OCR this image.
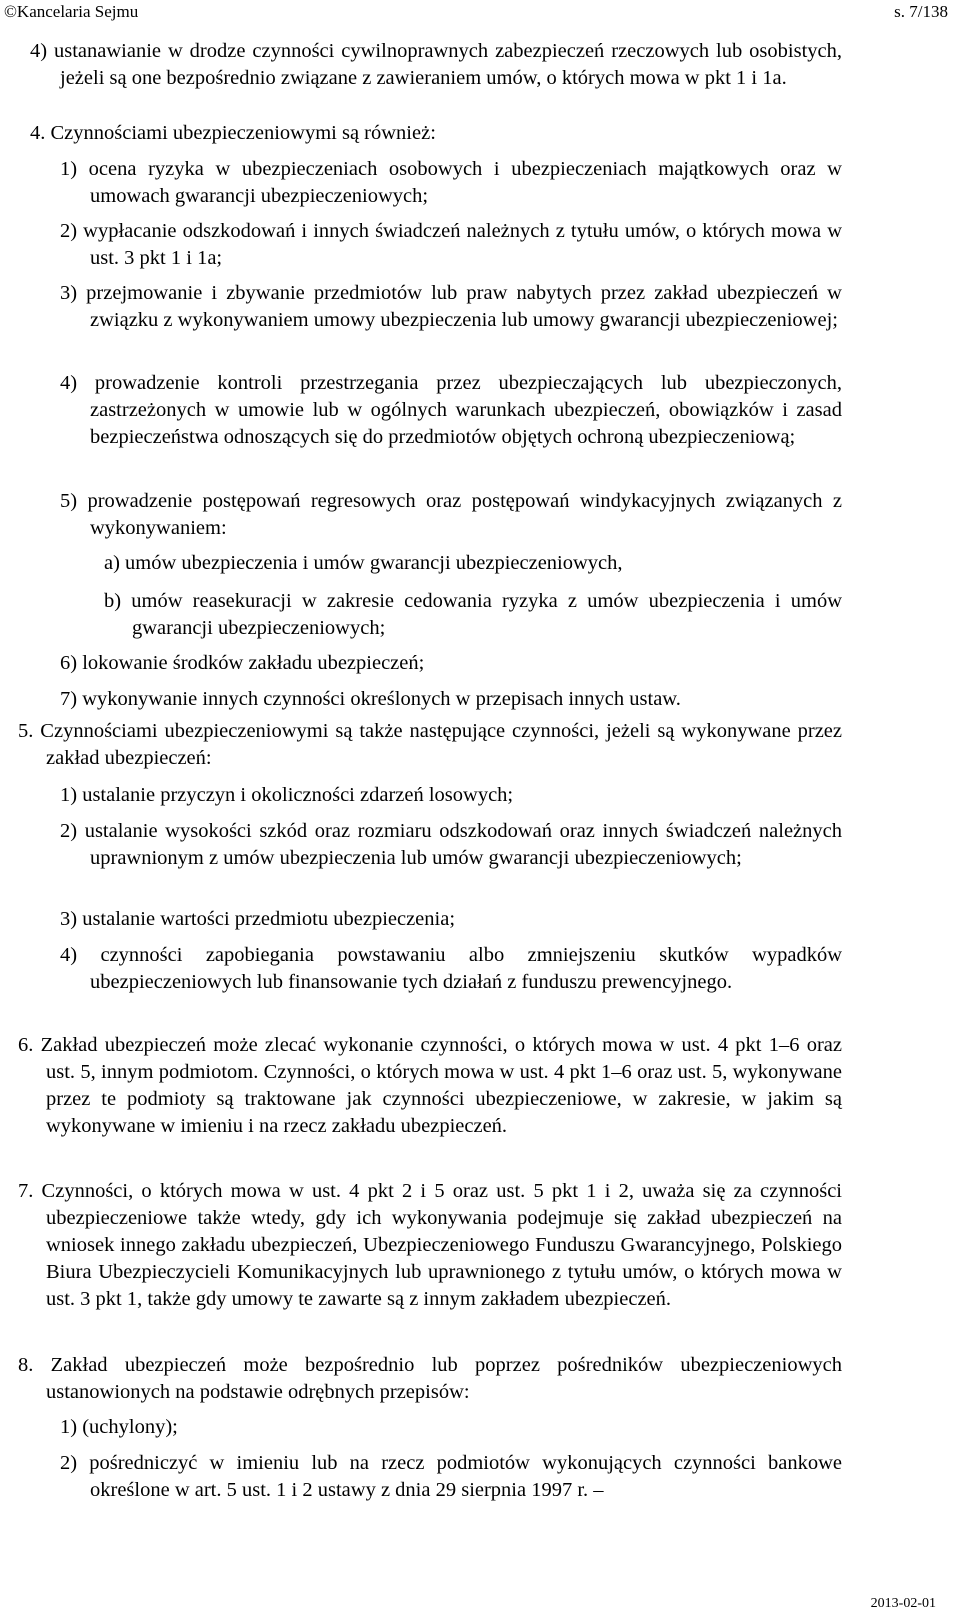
©Kancelaria Sejmu	s. 7/138
4) ustanawianie w drodze czynności cywilnoprawnych zabezpieczeń rzeczowych lub osobistych, jeżeli są one bezpośrednio związane z zawieraniem umów, o których mowa w pkt 1 i 1a.
4. Czynnościami ubezpieczeniowymi są również:
1) ocena ryzyka w ubezpieczeniach osobowych i ubezpieczeniach majątkowych oraz w umowach gwarancji ubezpieczeniowych;
2) wypłacanie odszkodowań i innych świadczeń należnych z tytułu umów, o których mowa w ust. 3 pkt 1 i 1a;
3) przejmowanie i zbywanie przedmiotów lub praw nabytych przez zakład ubezpieczeń w związku z wykonywaniem umowy ubezpieczenia lub umowy gwarancji ubezpieczeniowej;
4) prowadzenie kontroli przestrzegania przez ubezpieczających lub ubezpieczonych, zastrzeżonych w umowie lub w ogólnych warunkach ubezpieczeń, obowiązków i zasad bezpieczeństwa odnoszących się do przedmiotów objętych ochroną ubezpieczeniową;
5) prowadzenie postępowań regresowych oraz postępowań windykacyjnych związanych z wykonywaniem:
a) umów ubezpieczenia i umów gwarancji ubezpieczeniowych,
b) umów reasekuracji w zakresie cedowania ryzyka z umów ubezpieczenia i umów gwarancji ubezpieczeniowych;
6) lokowanie środków zakładu ubezpieczeń;
7) wykonywanie innych czynności określonych w przepisach innych ustaw.
5. Czynnościami ubezpieczeniowymi są także następujące czynności, jeżeli są wykonywane przez zakład ubezpieczeń:
1) ustalanie przyczyn i okoliczności zdarzeń losowych;
2) ustalanie wysokości szkód oraz rozmiaru odszkodowań oraz innych świadczeń należnych uprawnionym z umów ubezpieczenia lub umów gwarancji ubezpieczeniowych;
3) ustalanie wartości przedmiotu ubezpieczenia;
4) czynności zapobiegania powstawaniu albo zmniejszeniu skutków wypadków ubezpieczeniowych lub finansowanie tych działań z funduszu prewencyjnego.
6. Zakład ubezpieczeń może zlecać wykonanie czynności, o których mowa w ust. 4 pkt 1–6 oraz ust. 5, innym podmiotom. Czynności, o których mowa w ust. 4 pkt 1–6 oraz ust. 5, wykonywane przez te podmioty są traktowane jak czynności ubezpieczeniowe, w zakresie, w jakim są wykonywane w imieniu i na rzecz zakładu ubezpieczeń.
7. Czynności, o których mowa w ust. 4 pkt 2 i 5 oraz ust. 5 pkt 1 i 2, uważa się za czynności ubezpieczeniowe także wtedy, gdy ich wykonywania podejmuje się zakład ubezpieczeń na wniosek innego zakładu ubezpieczeń, Ubezpieczeniowego Funduszu Gwarancyjnego, Polskiego Biura Ubezpieczycieli Komunikacyjnych lub uprawnionego z tytułu umów, o których mowa w ust. 3 pkt 1, także gdy umowy te zawarte są z innym zakładem ubezpieczeń.
8. Zakład ubezpieczeń może bezpośrednio lub poprzez pośredników ubezpieczeniowych ustanowionych na podstawie odrębnych przepisów:
1) (uchylony);
2) pośredniczyć w imieniu lub na rzecz podmiotów wykonujących czynności bankowe określone w art. 5 ust. 1 i 2 ustawy z dnia 29 sierpnia 1997 r. –
2013-02-01
